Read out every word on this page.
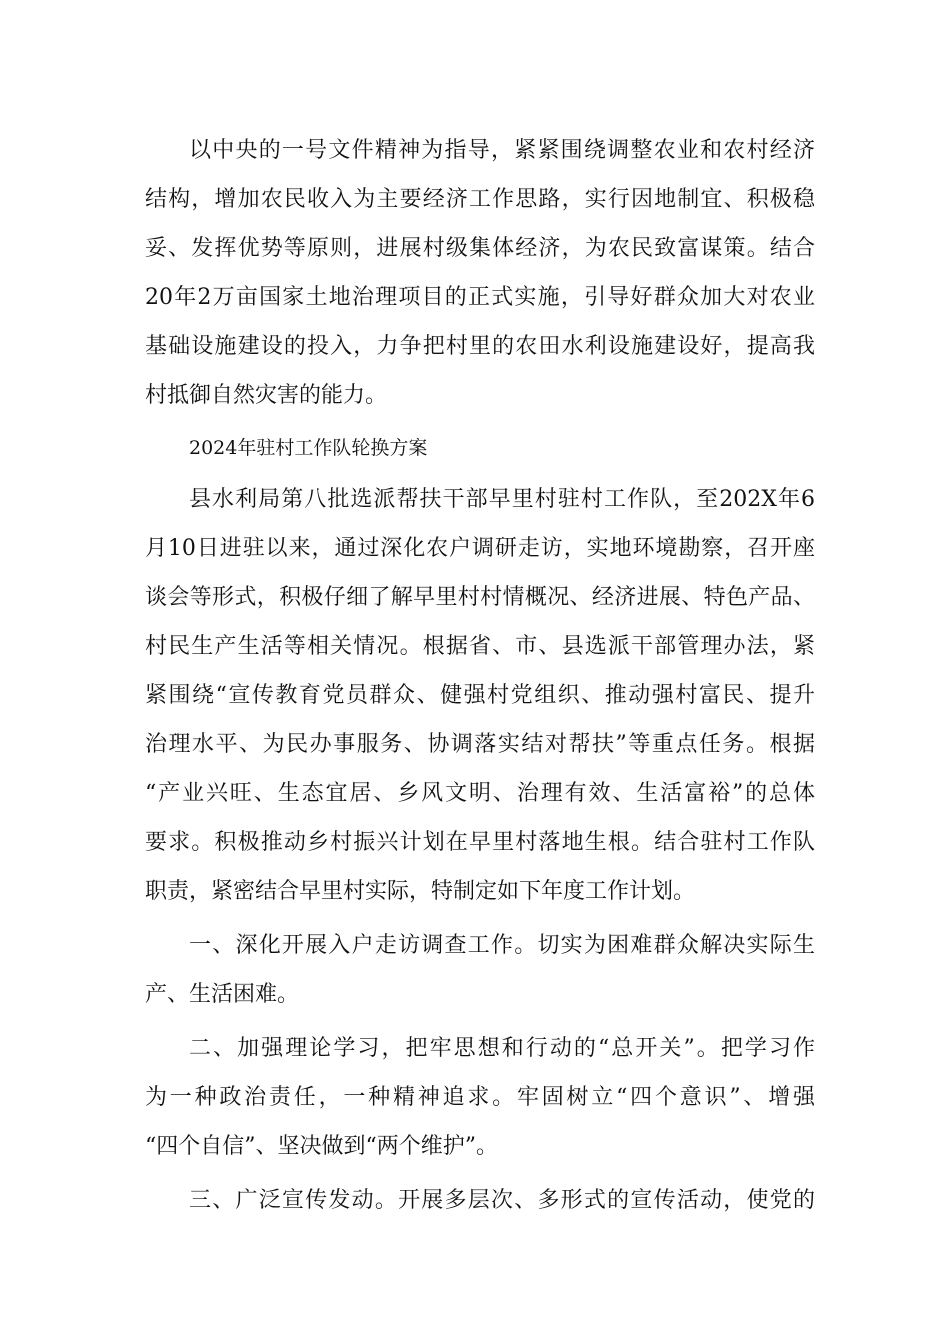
以中央的一号文件精神为指导，紧紧围绕调整农业和农村经济
结构，增加农民收入为主要经济工作思路，实行因地制宜、积极稳
妥、发挥优势等原则，进展村级集体经济，为农民致富谋策。结合
20年2万亩国家土地治理项目的正式实施，引导好群众加大对农业
基础设施建设的投入，力争把村里的农田水利设施建设好，提高我
村抵御自然灾害的能力。
2024年驻村工作队轮换方案
县水利局第八批选派帮扶干部早里村驻村工作队，至202X年6
月10日进驻以来，通过深化农户调研走访，实地环境勘察，召开座
谈会等形式，积极仔细了解早里村村情概况、经济进展、特色产品、
村民生产生活等相关情况。根据省、市、县选派干部管理办法，紧
紧围绕“宣传教育党员群众、健强村党组织、推动强村富民、提升
治理水平、为民办事服务、协调落实结对帮扶”等重点任务。根据
“产业兴旺、生态宜居、乡风文明、治理有效、生活富裕”的总体
要求。积极推动乡村振兴计划在早里村落地生根。结合驻村工作队
职责，紧密结合早里村实际，特制定如下年度工作计划。
一、深化开展入户走访调查工作。切实为困难群众解决实际生
产、生活困难。
二、加强理论学习，把牢思想和行动的“总开关”。把学习作
为一种政治责任，一种精神追求。牢固树立“四个意识”、增强
“四个自信”、坚决做到“两个维护”。
三、广泛宣传发动。开展多层次、多形式的宣传活动，使党的
